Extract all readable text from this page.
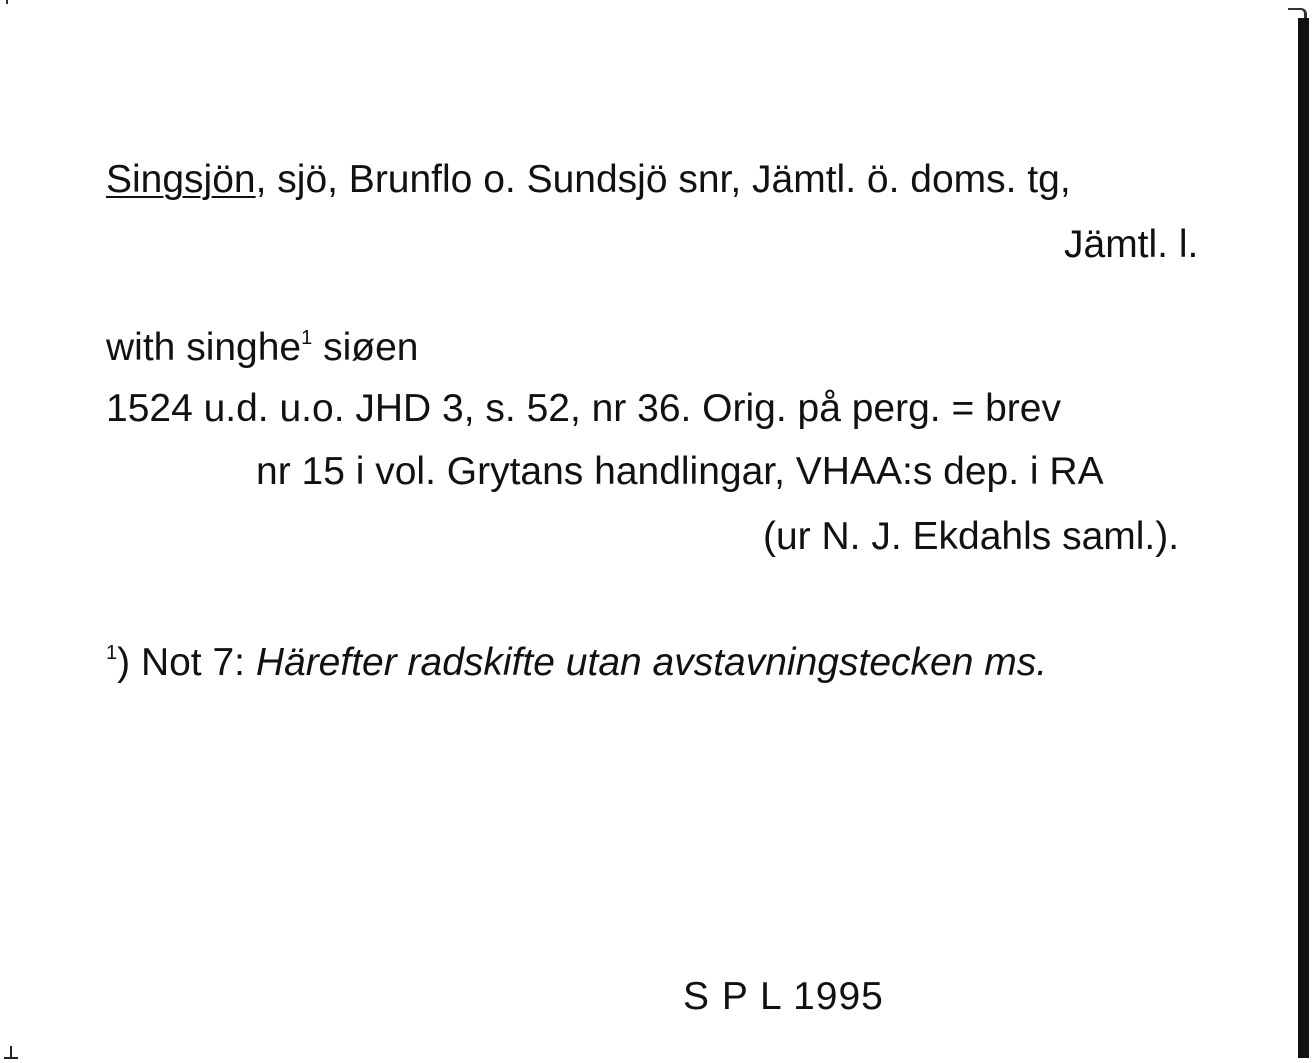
Singsjön, sjö, Brunflo o. Sundsjö snr, Jämtl. ö. doms. tg,
Jämtl. l.
with singhe$^1$ siøen
1524 u.d. u.o. JHD 3, s. 52, nr 36. Orig. på perg. = brev
nr 15 i vol. Grytans handlingar, VHAA:s dep. i RA
(ur N. J. Ekdahls saml.).
$^1$) Not 7: Härefter radskifte utan avstavningstecken ms.
S P L 1995
